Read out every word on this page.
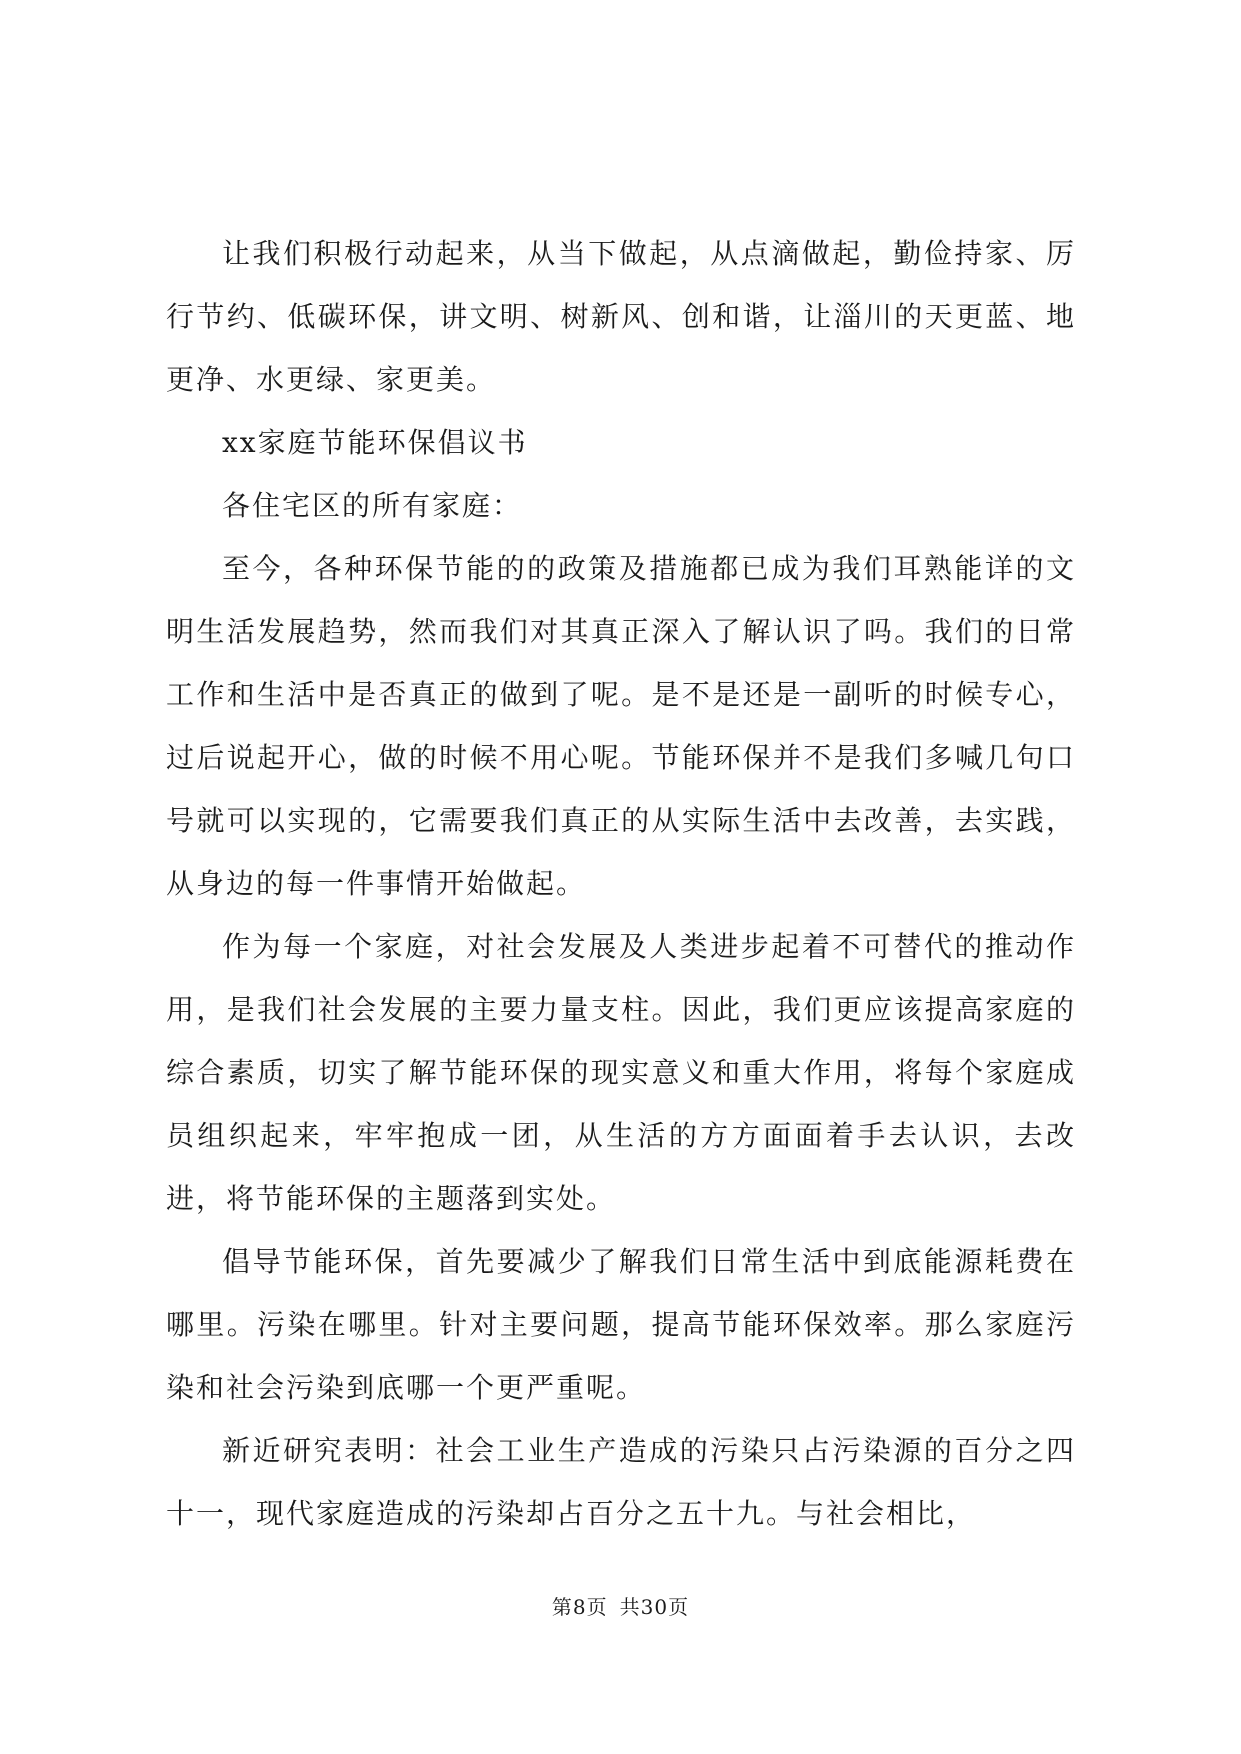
让我们积极行动起来，从当下做起，从点滴做起，勤俭持家、厉行节约、低碳环保，讲文明、树新风、创和谐，让淄川的天更蓝、地更净、水更绿、家更美。

xx家庭节能环保倡议书

各住宅区的所有家庭：

至今，各种环保节能的的政策及措施都已成为我们耳熟能详的文明生活发展趋势，然而我们对其真正深入了解认识了吗。我们的日常工作和生活中是否真正的做到了呢。是不是还是一副听的时候专心，过后说起开心，做的时候不用心呢。节能环保并不是我们多喊几句口号就可以实现的，它需要我们真正的从实际生活中去改善，去实践，从身边的每一件事情开始做起。

作为每一个家庭，对社会发展及人类进步起着不可替代的推动作用，是我们社会发展的主要力量支柱。因此，我们更应该提高家庭的综合素质，切实了解节能环保的现实意义和重大作用，将每个家庭成员组织起来，牢牢抱成一团，从生活的方方面面着手去认识，去改进，将节能环保的主题落到实处。

倡导节能环保，首先要减少了解我们日常生活中到底能源耗费在哪里。污染在哪里。针对主要问题，提高节能环保效率。那么家庭污染和社会污染到底哪一个更严重呢。

新近研究表明：社会工业生产造成的污染只占污染源的百分之四十一，现代家庭造成的污染却占百分之五十九。与社会相比，

第8页 共30页
